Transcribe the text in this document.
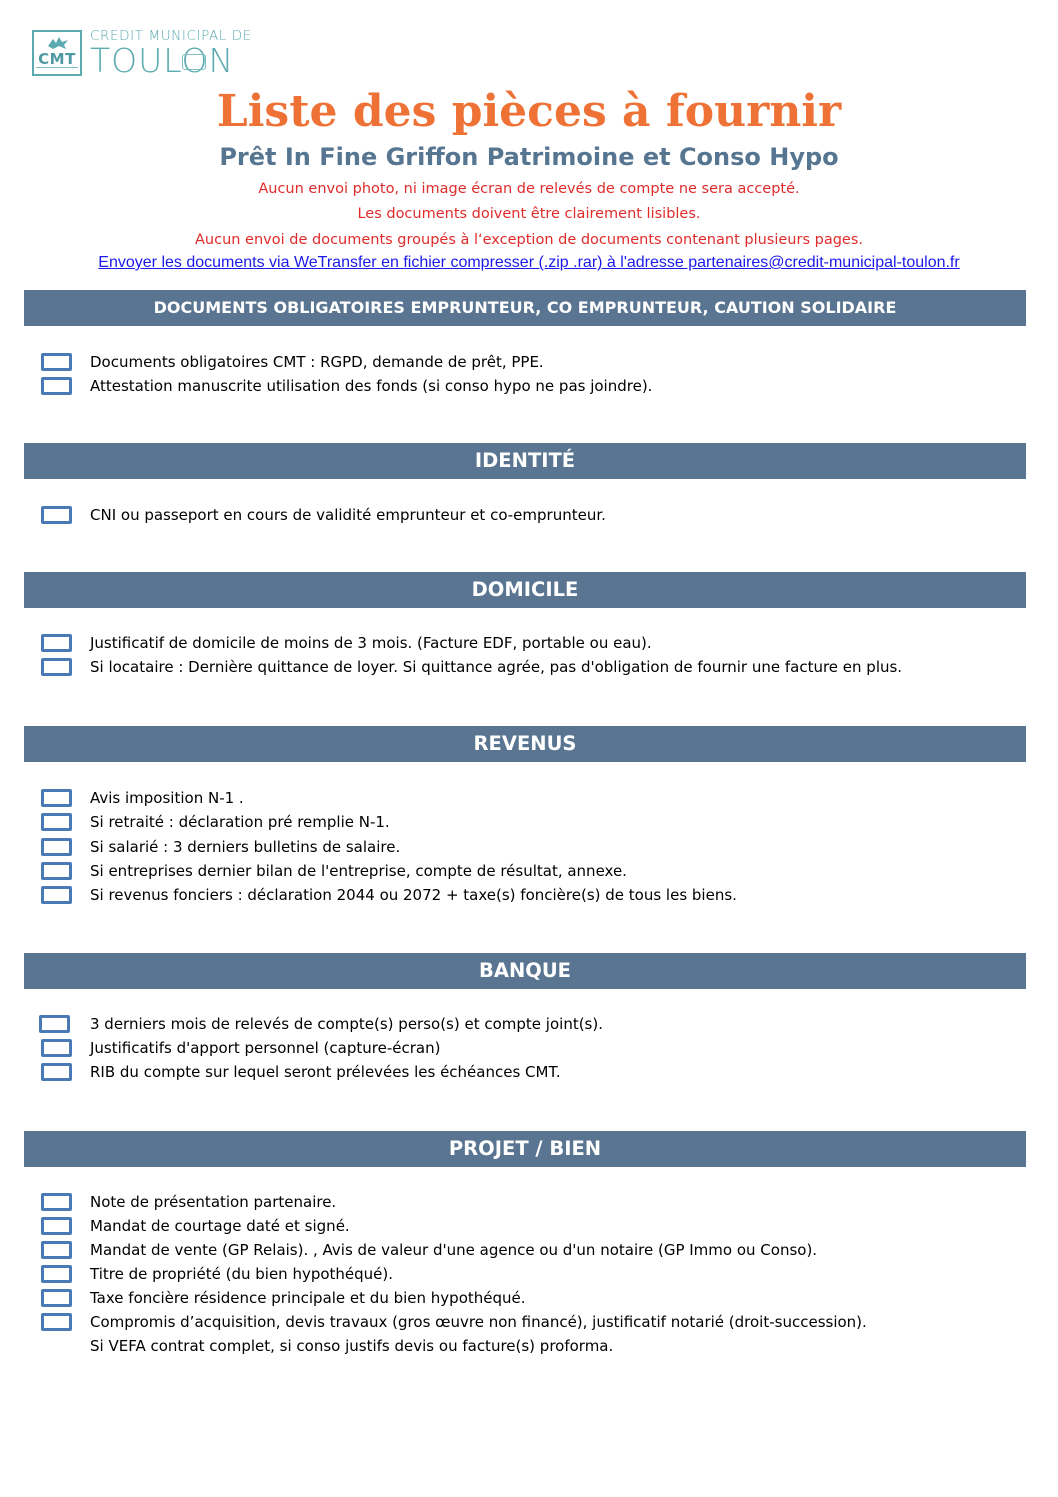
CMT
CREDIT MUNICIPAL DE
TOULON
Liste des pièces à fournir
Prêt In Fine Griffon Patrimoine et Conso Hypo
Aucun envoi photo, ni image écran de relevés de compte ne sera accepté.
Les documents doivent être clairement lisibles.
Aucun envoi de documents groupés à l‘exception de documents contenant plusieurs pages.
Envoyer les documents via WeTransfer en fichier compresser (.zip .rar) à l'adresse partenaires@credit-municipal-toulon.fr
DOCUMENTS OBLIGATOIRES EMPRUNTEUR, CO EMPRUNTEUR, CAUTION SOLIDAIRE
Documents obligatoires CMT : RGPD, demande de prêt, PPE.
Attestation manuscrite utilisation des fonds (si conso hypo ne pas joindre).
IDENTITÉ
CNI ou passeport en cours de validité emprunteur et co-emprunteur.
DOMICILE
Justificatif de domicile de moins de 3 mois. (Facture EDF, portable ou eau).
Si locataire : Dernière quittance de loyer. Si quittance agrée, pas d'obligation de fournir une facture en plus.
REVENUS
Avis imposition N-1 .
Si retraité : déclaration pré remplie N-1.
Si salarié : 3 derniers bulletins de salaire.
Si entreprises dernier bilan de l'entreprise, compte de résultat, annexe.
Si revenus fonciers : déclaration 2044 ou 2072 + taxe(s) foncière(s) de tous les biens.
BANQUE
3 derniers mois de relevés de compte(s) perso(s) et compte joint(s).
Justificatifs d'apport personnel (capture-écran)
RIB du compte sur lequel seront prélevées les échéances CMT.
PROJET / BIEN
Note de présentation partenaire.
Mandat de courtage daté et signé.
Mandat de vente (GP Relais). , Avis de valeur d'une agence ou d'un notaire (GP Immo ou Conso).
Titre de propriété (du bien hypothéqué).
Taxe foncière résidence principale et du bien hypothéqué.
Compromis d’acquisition, devis travaux (gros œuvre non financé), justificatif notarié (droit-succession).
Si VEFA contrat complet, si conso justifs devis ou facture(s) proforma.
